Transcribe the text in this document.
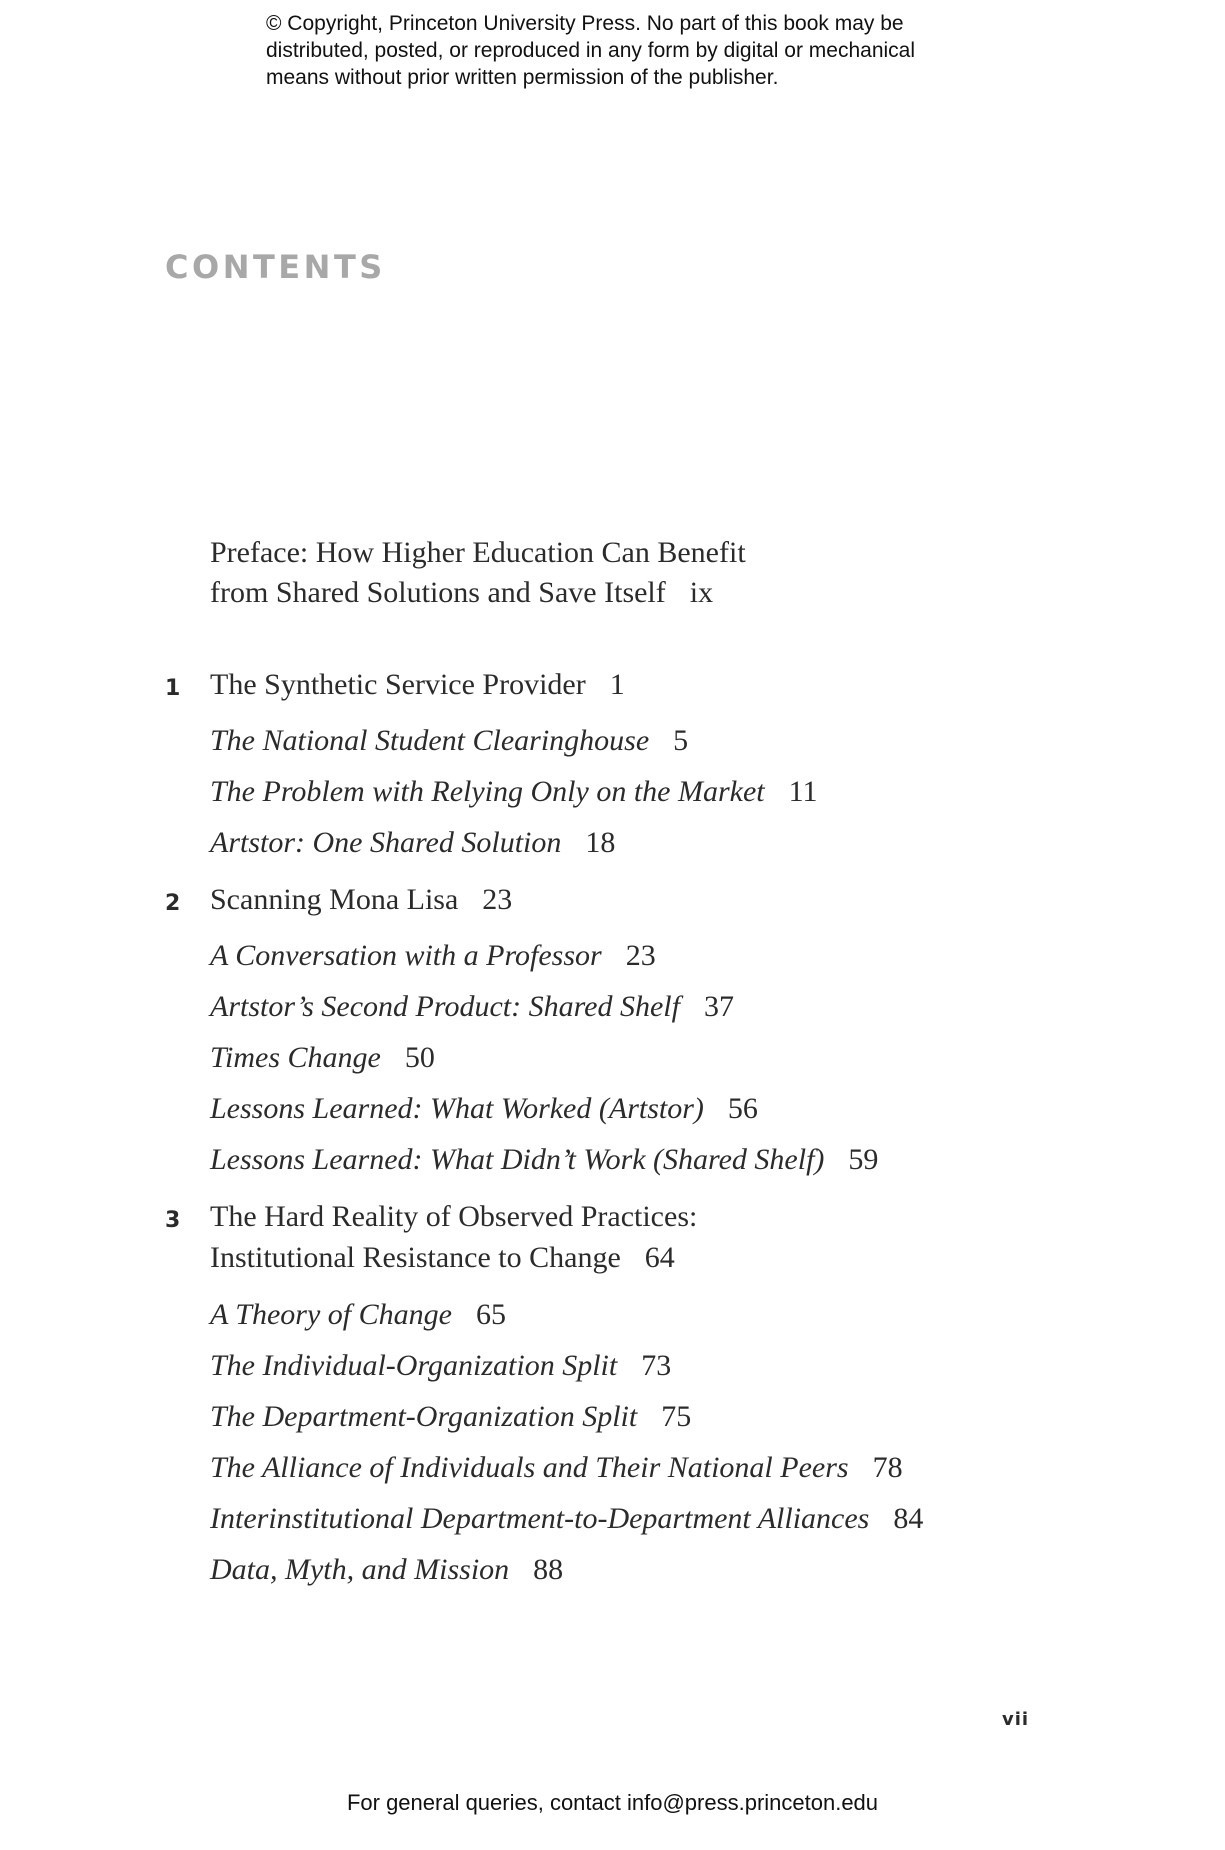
© Copyright, Princeton University Press. No part of this book may be
distributed, posted, or reproduced in any form by digital or mechanical
means without prior written permission of the publisher.
CONTENTS
Preface: How Higher Education Can Benefit
from Shared Solutions and Save Itself ix
1 The Synthetic Service Provider 1
The National Student Clearinghouse 5
The Problem with Relying Only on the Market 11
Artstor: One Shared Solution 18
2 Scanning Mona Lisa 23
A Conversation with a Professor 23
Artstor’s Second Product: Shared Shelf 37
Times Change 50
Lessons Learned: What Worked (Artstor) 56
Lessons Learned: What Didn’t Work (Shared Shelf) 59
3 The Hard Reality of Observed Practices:
Institutional Resistance to Change 64
A Theory of Change 65
The Individual-Organization Split 73
The Department-Organization Split 75
The Alliance of Individuals and Their National Peers 78
Interinstitutional Department-to-Department Alliances 84
Data, Myth, and Mission 88
vii
For general queries, contact info@press.princeton.edu
